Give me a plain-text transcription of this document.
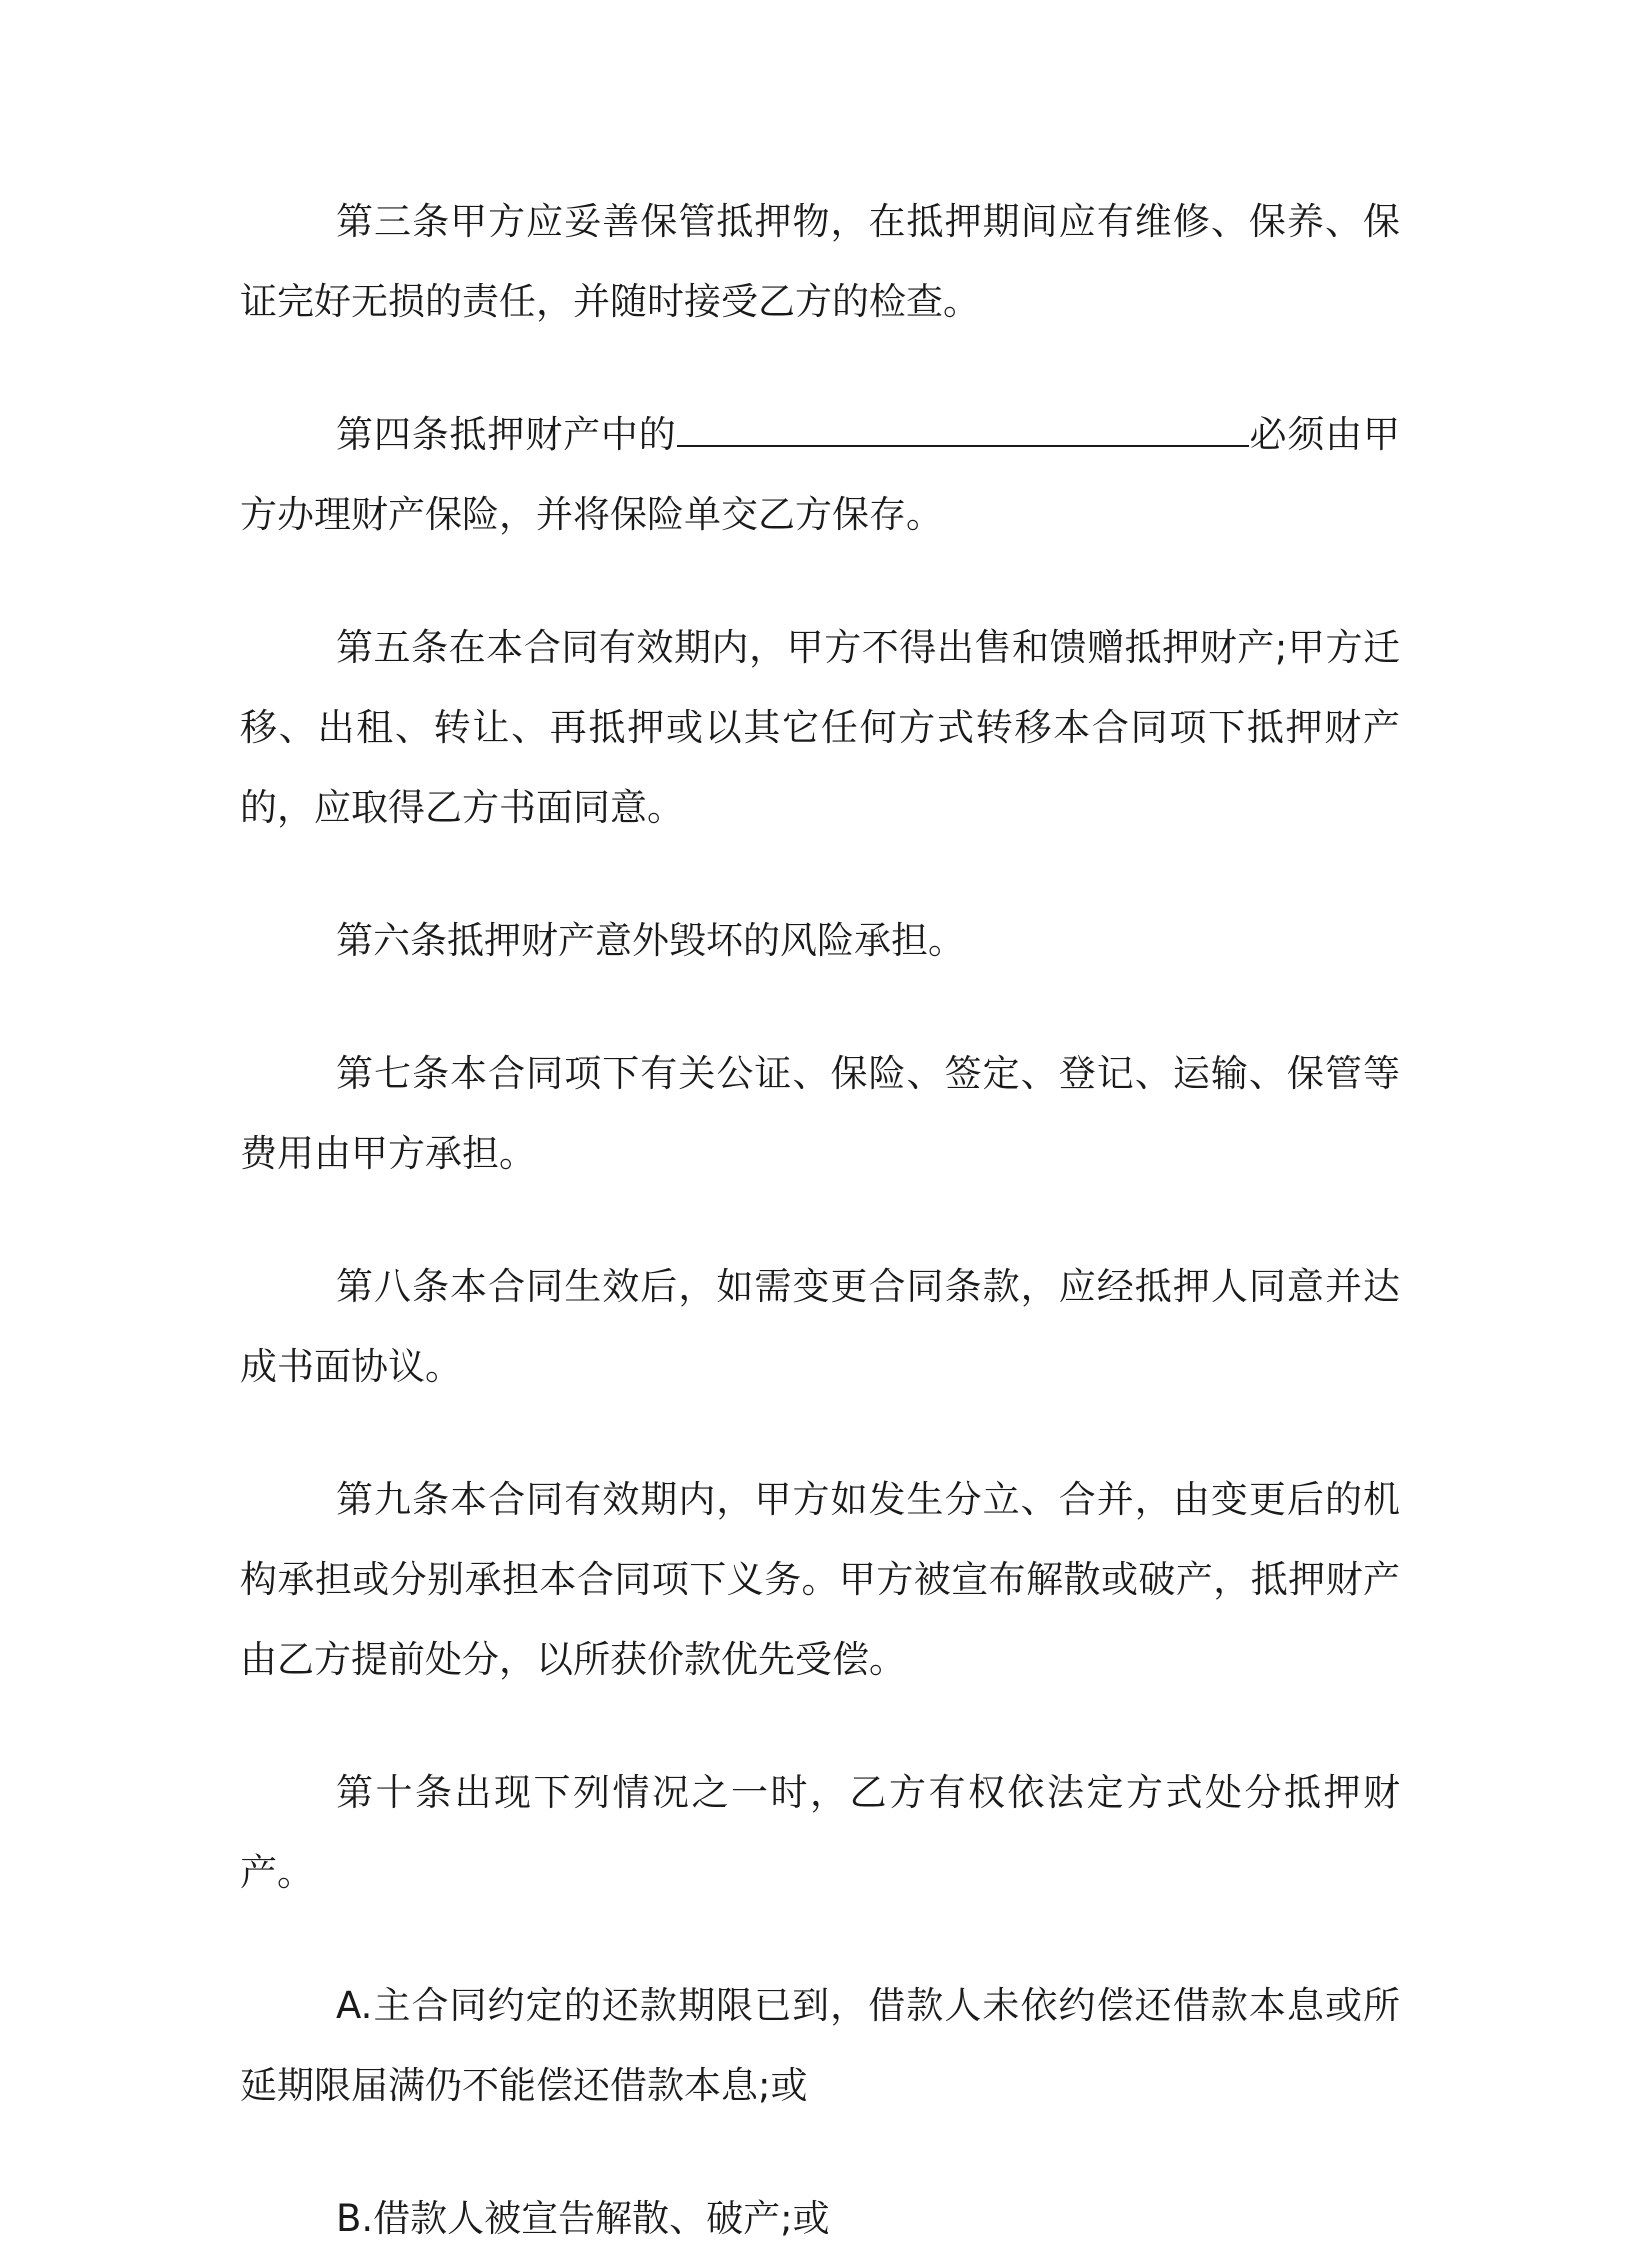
第三条甲方应妥善保管抵押物，在抵押期间应有维修、保养、保证完好无损的责任，并随时接受乙方的检查。

第四条抵押财产中的	必须由甲方办理财产保险，并将保险单交乙方保存。

第五条在本合同有效期内，甲方不得出售和馈赠抵押财产;甲方迁移、出租、转让、再抵押或以其它任何方式转移本合同项下抵押财产的，应取得乙方书面同意。

第六条抵押财产意外毁坏的风险承担。

第七条本合同项下有关公证、保险、签定、登记、运输、保管等费用由甲方承担。

第八条本合同生效后，如需变更合同条款，应经抵押人同意并达成书面协议。

第九条本合同有效期内，甲方如发生分立、合并，由变更后的机构承担或分别承担本合同项下义务。甲方被宣布解散或破产，抵押财产由乙方提前处分，以所获价款优先受偿。

第十条出现下列情况之一时，乙方有权依法定方式处分抵押财产。

A.主合同约定的还款期限已到，借款人未依约偿还借款本息或所延期限届满仍不能偿还借款本息;或

B.借款人被宣告解散、破产;或
